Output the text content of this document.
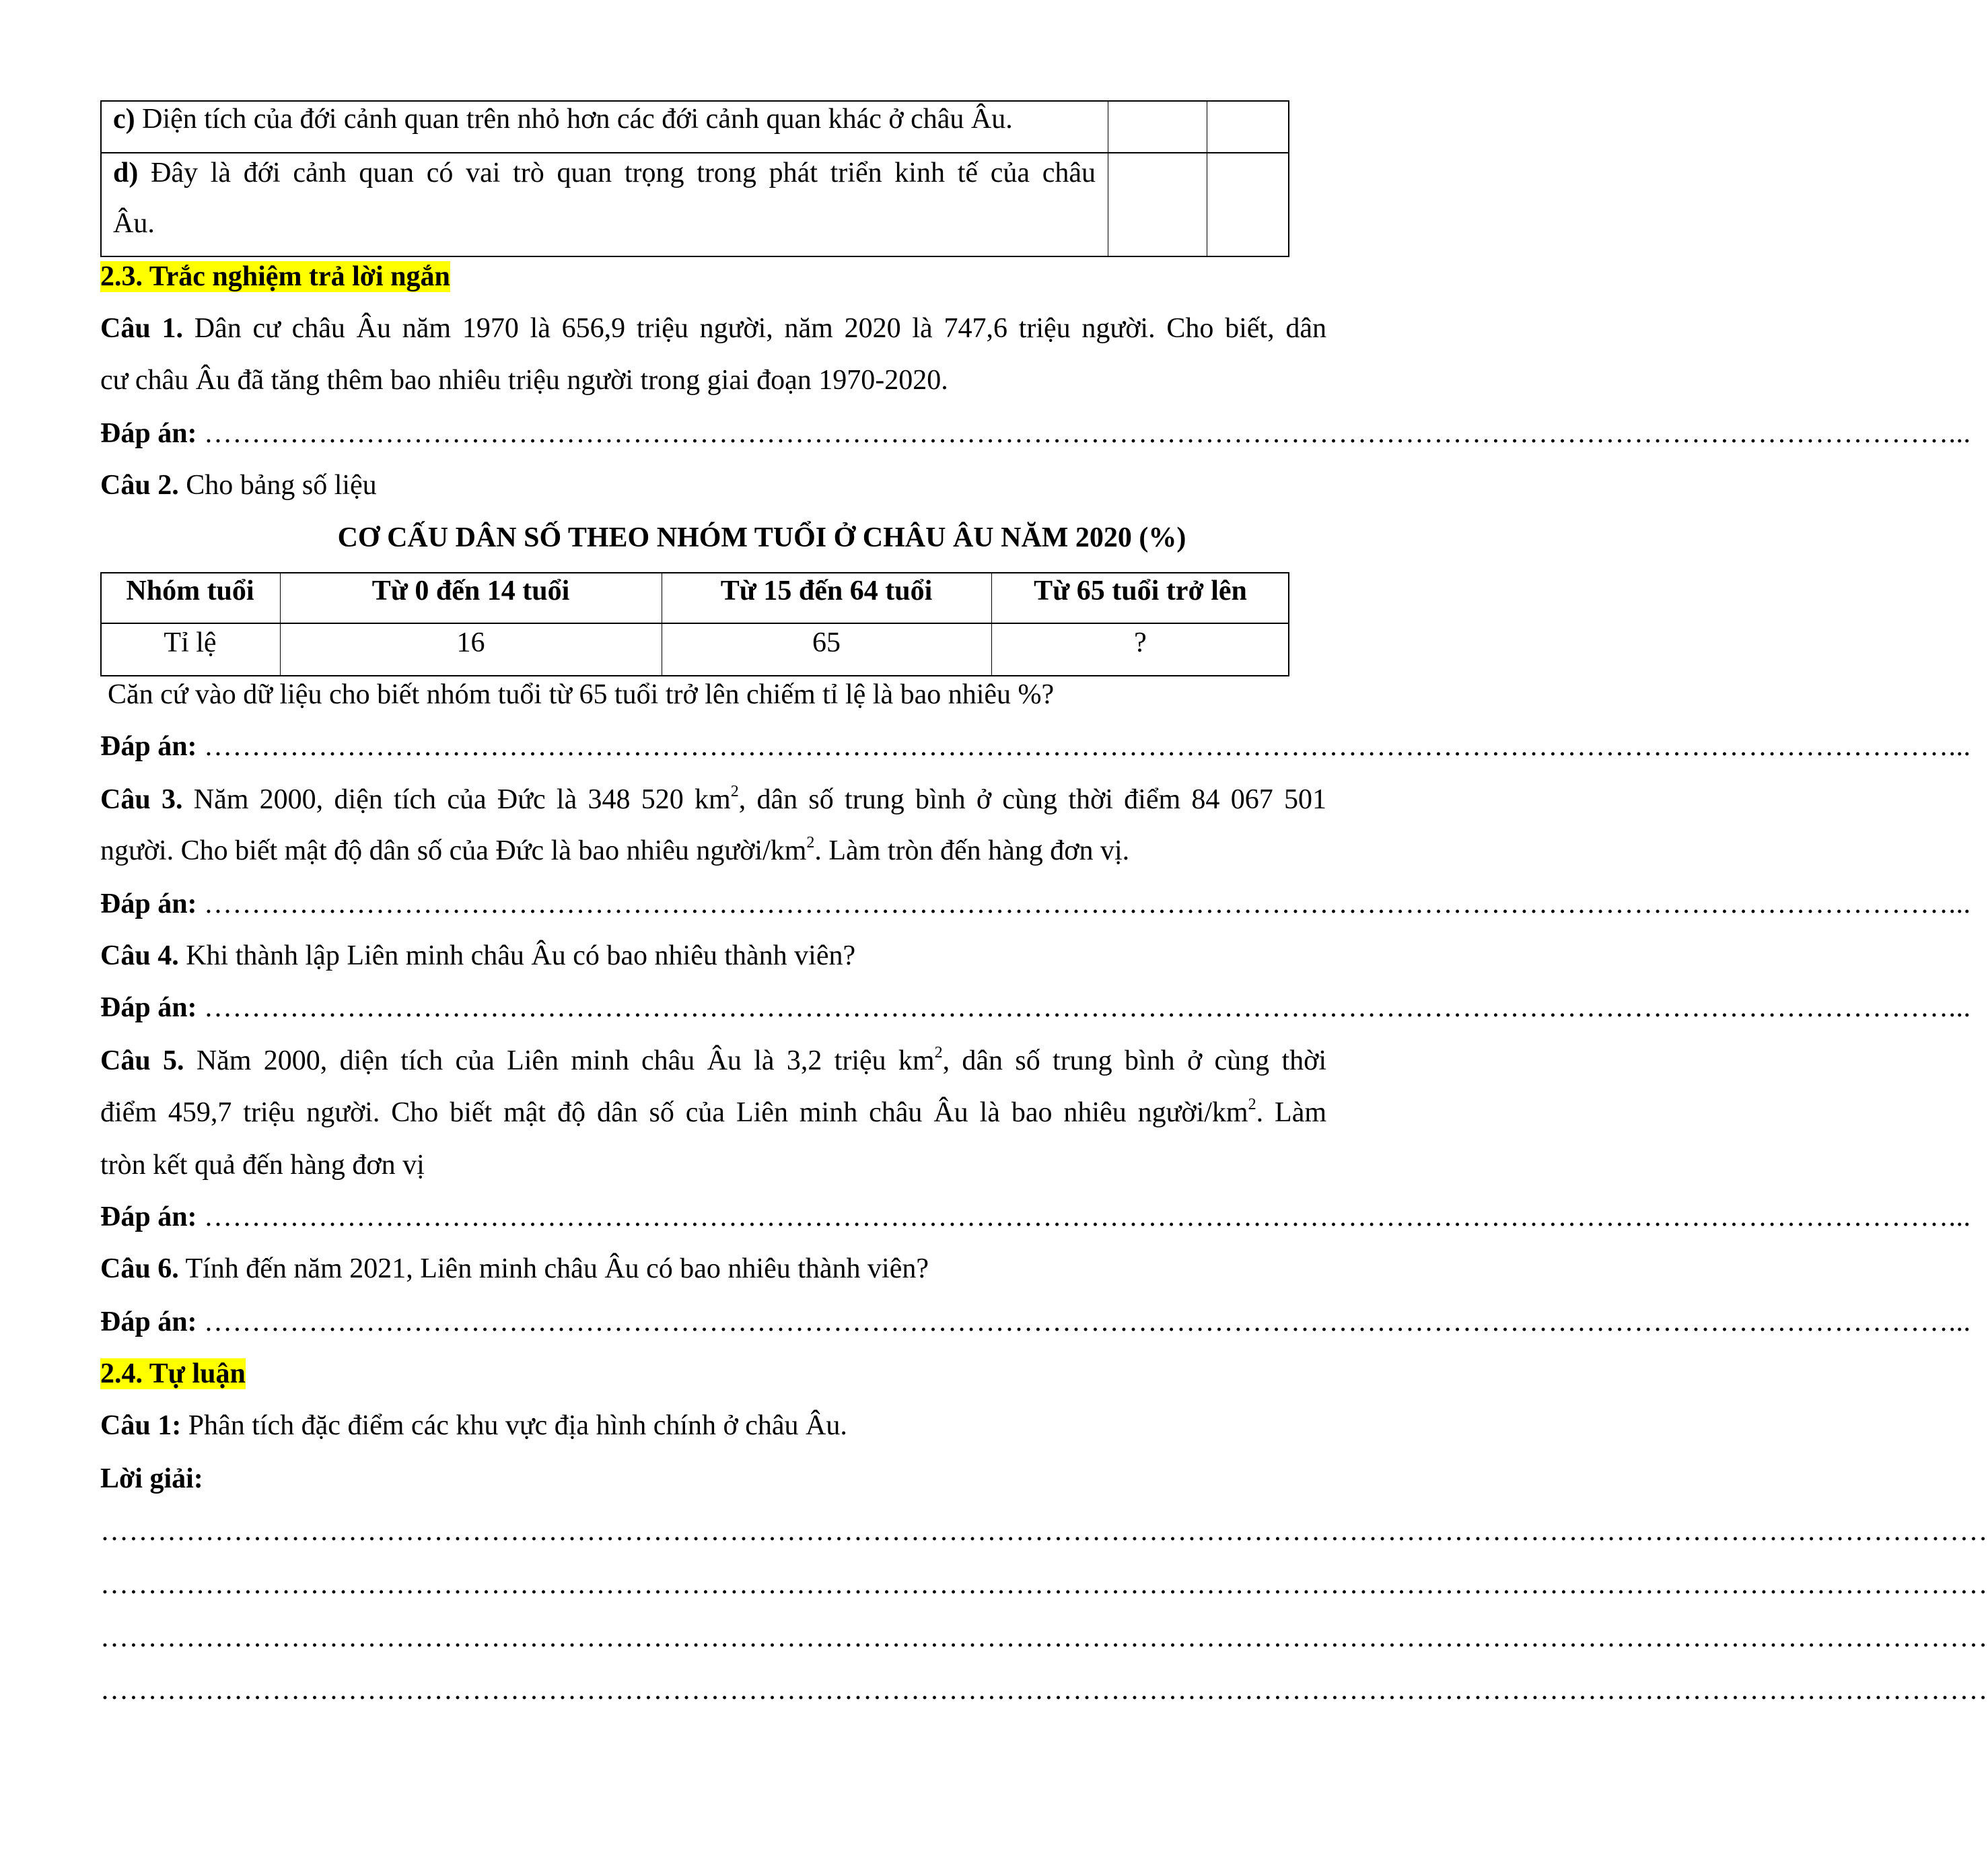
c) Diện tích của đới cảnh quan trên nhỏ hơn các đới cảnh quan khác ở châu Âu.
d) Đây là đới cảnh quan có vai trò quan trọng trong phát triển kinh tế của châu
Âu.
2.3. Trắc nghiệm trả lời ngắn
Câu 1. Dân cư châu Âu năm 1970 là 656,9 triệu người, năm 2020 là 747,6 triệu người. Cho biết, dân
cư châu Âu đã tăng thêm bao nhiêu triệu người trong giai đoạn 1970-2020.
Đáp án:
…………………………………………………………………………………………………………………………………………………………………...
Câu 2. Cho bảng số liệu
CƠ CẤU DÂN SỐ THEO NHÓM TUỔI Ở CHÂU ÂU NĂM 2020 (%)
Nhóm tuổi	Từ 0 đến 14 tuổi	Từ 15 đến 64 tuổi	Từ 65 tuổi trở lên
Tỉ lệ	16	65	?
Căn cứ vào dữ liệu cho biết nhóm tuổi từ 65 tuổi trở lên chiếm tỉ lệ là bao nhiêu %?
Đáp án:
…………………………………………………………………………………………………………………………………………………………………...
Câu 3. Năm 2000, diện tích của Đức là 348 520 $km^2$, dân số trung bình ở cùng thời điểm 84 067 501
người. Cho biết mật độ dân số của Đức là bao nhiêu người/$km^2$. Làm tròn đến hàng đơn vị.
Đáp án:
…………………………………………………………………………………………………………………………………………………………………...
Câu 4. Khi thành lập Liên minh châu Âu có bao nhiêu thành viên?
Đáp án:
…………………………………………………………………………………………………………………………………………………………………...
Câu 5. Năm 2000, diện tích của Liên minh châu Âu là 3,2 triệu $km^2$, dân số trung bình ở cùng thời
điểm 459,7 triệu người. Cho biết mật độ dân số của Liên minh châu Âu là bao nhiêu người/$km^2$. Làm
tròn kết quả đến hàng đơn vị
Đáp án:
…………………………………………………………………………………………………………………………………………………………………...
Câu 6. Tính đến năm 2021, Liên minh châu Âu có bao nhiêu thành viên?
Đáp án:
…………………………………………………………………………………………………………………………………………………………………...
2.4. Tự luận
Câu 1: Phân tích đặc điểm các khu vực địa hình chính ở châu Âu.
Lời giải:
………………………………………………………………………………………………………………………………………………………………………………
………………………………………………………………………………………………………………………………………………………………………………
………………………………………………………………………………………………………………………………………………………………………………
………………………………………………………………………………………………………………………………………………………………………………
